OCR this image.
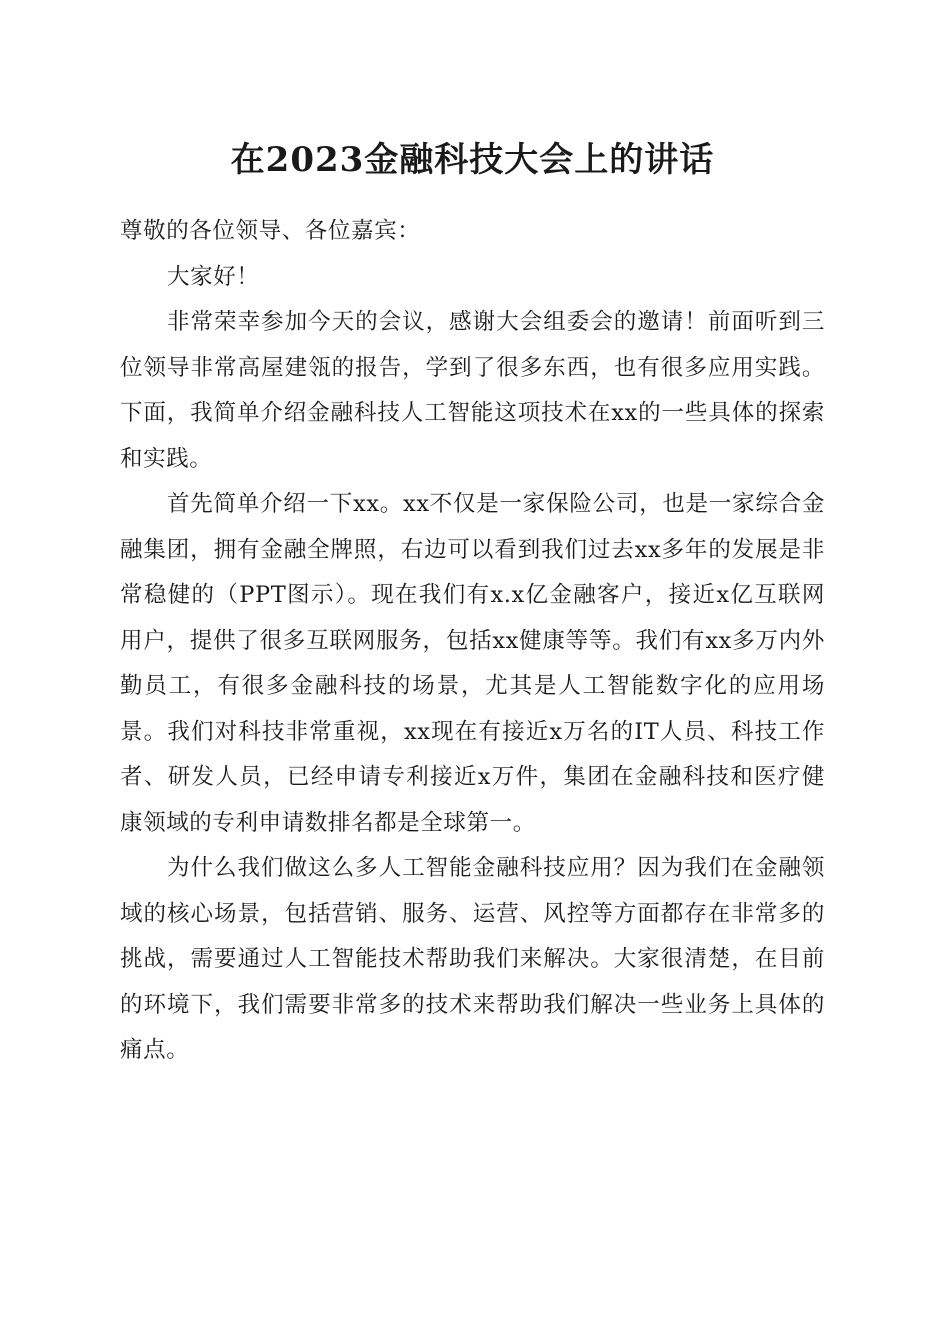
在2023金融科技大会上的讲话

尊敬的各位领导、各位嘉宾：

大家好！

非常荣幸参加今天的会议，感谢大会组委会的邀请！前面听到三位领导非常高屋建瓴的报告，学到了很多东西，也有很多应用实践。下面，我简单介绍金融科技人工智能这项技术在xx的一些具体的探索和实践。

首先简单介绍一下xx。xx不仅是一家保险公司，也是一家综合金融集团，拥有金融全牌照，右边可以看到我们过去xx多年的发展是非常稳健的（PPT图示）。现在我们有x.x亿金融客户，接近x亿互联网用户，提供了很多互联网服务，包括xx健康等等。我们有xx多万内外勤员工，有很多金融科技的场景，尤其是人工智能数字化的应用场景。我们对科技非常重视，xx现在有接近x万名的IT人员、科技工作者、研发人员，已经申请专利接近x万件，集团在金融科技和医疗健康领域的专利申请数排名都是全球第一。

为什么我们做这么多人工智能金融科技应用？因为我们在金融领域的核心场景，包括营销、服务、运营、风控等方面都存在非常多的挑战，需要通过人工智能技术帮助我们来解决。大家很清楚，在目前的环境下，我们需要非常多的技术来帮助我们解决一些业务上具体的痛点。
